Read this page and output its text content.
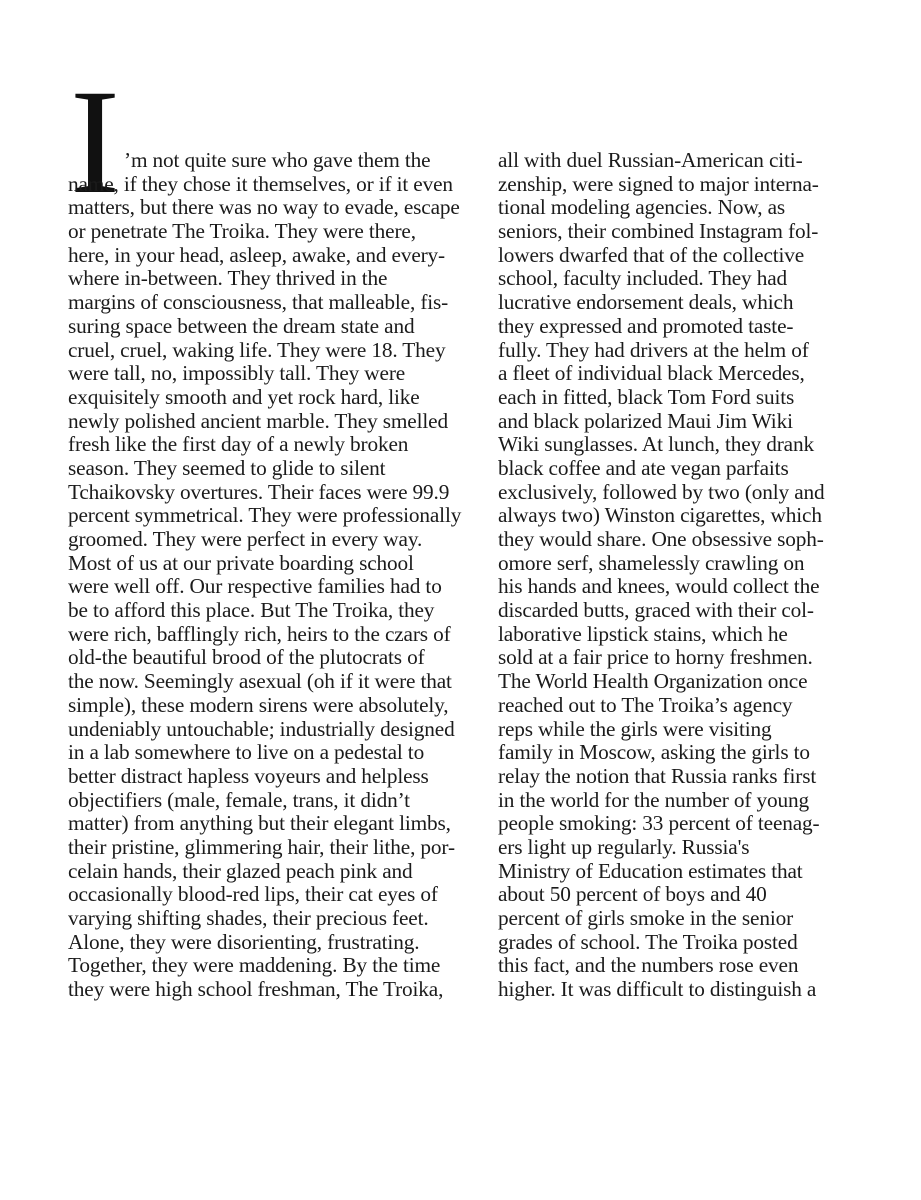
I ’m not quite sure who gave them the
name, if they chose it themselves, or if it even
matters, but there was no way to evade, escape
or penetrate The Troika. They were there,
here, in your head, asleep, awake, and every-
where in-between. They thrived in the
margins of consciousness, that malleable, fis-
suring space between the dream state and
cruel, cruel, waking life. They were 18. They
were tall, no, impossibly tall. They were
exquisitely smooth and yet rock hard, like
newly polished ancient marble. They smelled
fresh like the first day of a newly broken
season. They seemed to glide to silent
Tchaikovsky overtures. Their faces were 99.9
percent symmetrical. They were professionally
groomed. They were perfect in every way.
Most of us at our private boarding school
were well off. Our respective families had to
be to afford this place. But The Troika, they
were rich, bafflingly rich, heirs to the czars of
old-the beautiful brood of the plutocrats of
the now. Seemingly asexual (oh if it were that
simple), these modern sirens were absolutely,
undeniably untouchable; industrially designed
in a lab somewhere to live on a pedestal to
better distract hapless voyeurs and helpless
objectifiers (male, female, trans, it didn’t
matter) from anything but their elegant limbs,
their pristine, glimmering hair, their lithe, por-
celain hands, their glazed peach pink and
occasionally blood-red lips, their cat eyes of
varying shifting shades, their precious feet.
Alone, they were disorienting, frustrating.
Together, they were maddening. By the time
they were high school freshman, The Troika,
all with duel Russian-American citi-
zenship, were signed to major interna-
tional modeling agencies. Now, as
seniors, their combined Instagram fol-
lowers dwarfed that of the collective
school, faculty included. They had
lucrative endorsement deals, which
they expressed and promoted taste-
fully. They had drivers at the helm of
a fleet of individual black Mercedes,
each in fitted, black Tom Ford suits
and black polarized Maui Jim Wiki
Wiki sunglasses. At lunch, they drank
black coffee and ate vegan parfaits
exclusively, followed by two (only and
always two) Winston cigarettes, which
they would share. One obsessive soph-
omore serf, shamelessly crawling on
his hands and knees, would collect the
discarded butts, graced with their col-
laborative lipstick stains, which he
sold at a fair price to horny freshmen.
The World Health Organization once
reached out to The Troika’s agency
reps while the girls were visiting
family in Moscow, asking the girls to
relay the notion that Russia ranks first
in the world for the number of young
people smoking: 33 percent of teenag-
ers light up regularly. Russia's
Ministry of Education estimates that
about 50 percent of boys and 40
percent of girls smoke in the senior
grades of school. The Troika posted
this fact, and the numbers rose even
higher. It was difficult to distinguish a
